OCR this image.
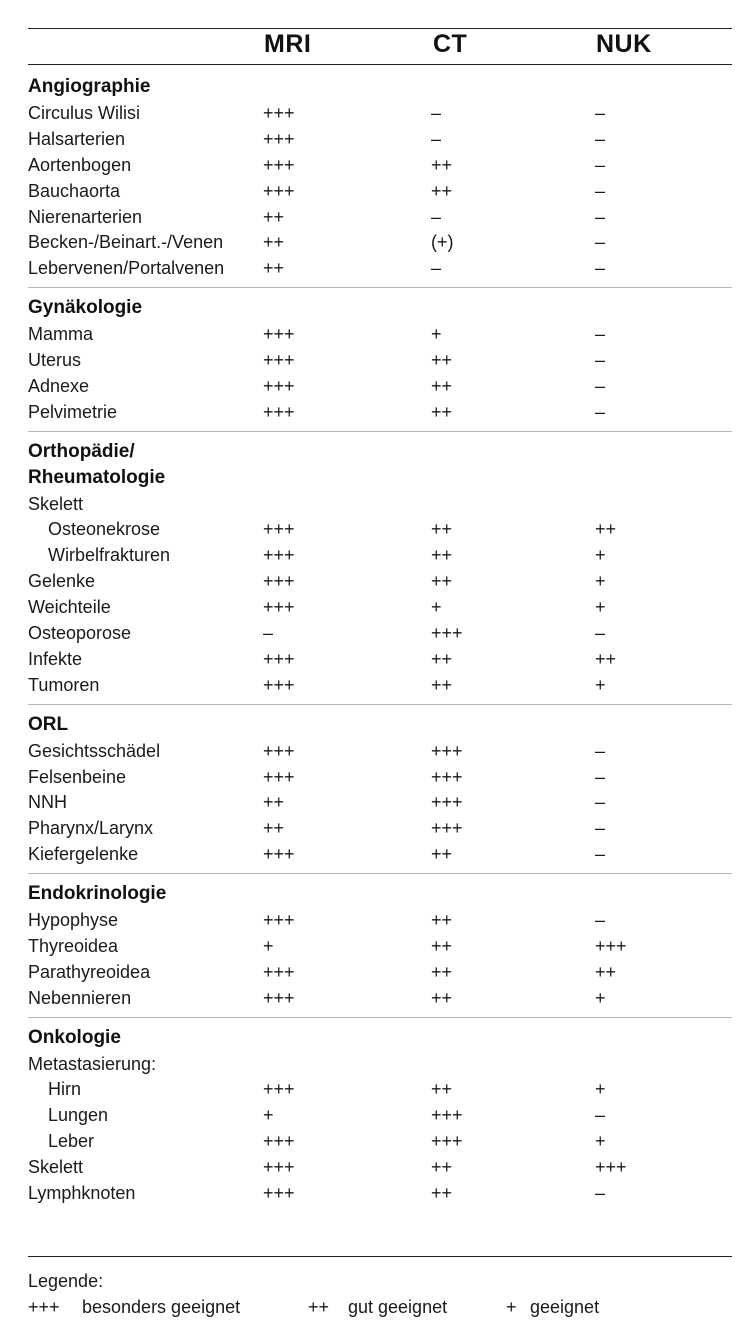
MRI	CT	NUK
Angiographie
Circulus Wilisi	+++	–	–
Halsarterien	+++	–	–
Aortenbogen	+++	++	–
Bauchaorta	+++	++	–
Nierenarterien	++	–	–
Becken-/Beinart.-/Venen ++	(+)	–
Lebervenen/Portalvenen ++	–	–
Gynäkologie
Mamma	+++	+	–
Uterus	+++	++	–
Adnexe	+++	++	–
Pelvimetrie	+++	++	–
Orthopädie/
Rheumatologie
Skelett
Osteonekrose	+++	++	++
Wirbelfrakturen	+++	++	+
Gelenke	+++	++	+
Weichteile	+++	+	+
Osteoporose	–	+++	–
Infekte	+++	++	++
Tumoren	+++	++	+
ORL
Gesichtsschädel	+++	+++	–
Felsenbeine	+++	+++	–
NNH	++	+++	–
Pharynx/Larynx	++	+++	–
Kiefergelenke	+++	++	–
Endokrinologie
Hypophyse	+++	++	–
Thyreoidea	+	++	+++
Parathyreoidea	+++	++	++
Nebennieren	+++	++	+
Onkologie
Metastasierung:
Hirn	+++	++	+
Lungen	+	+++	–
Leber	+++	+++	+
Skelett	+++	++	+++
Lymphknoten	+++	++	–
Legende:
+++ besonders geeignet	++ gut geeignet	+ geeignet
